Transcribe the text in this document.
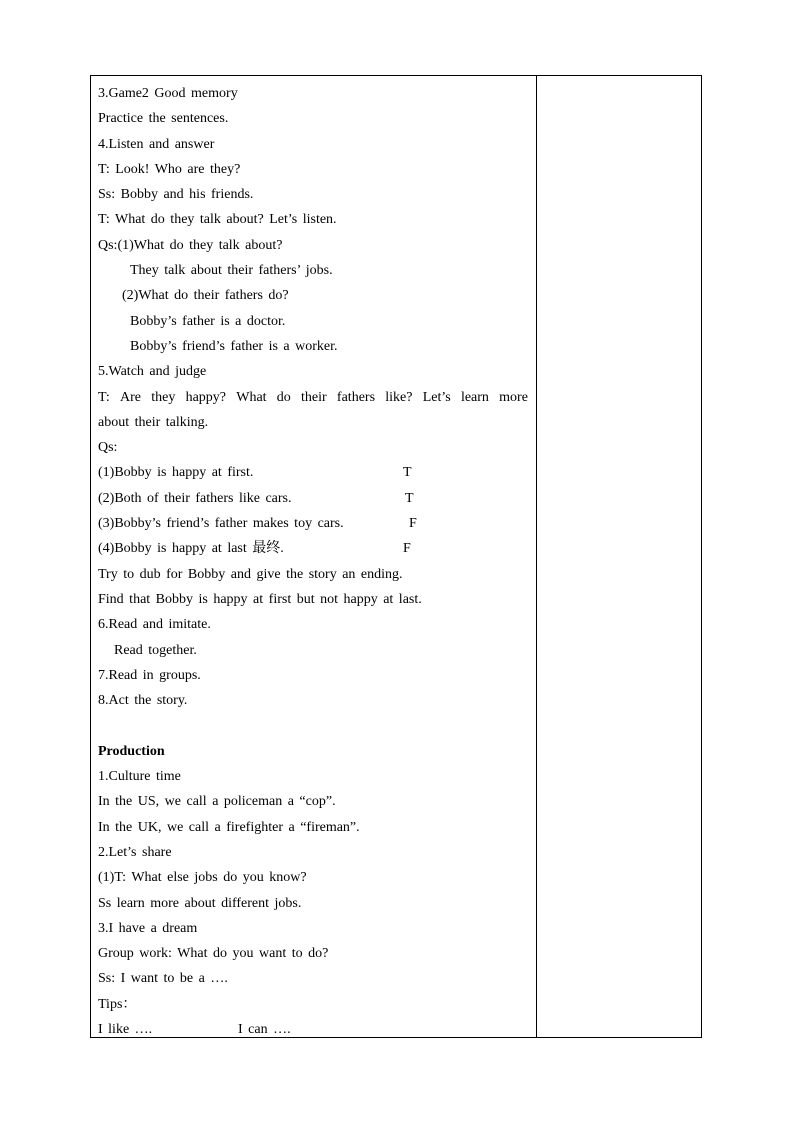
3.Game2 Good memory
Practice the sentences.
4.Listen and answer
T: Look! Who are they?
Ss: Bobby and his friends.
T: What do they talk about? Let’s listen.
Qs:(1)What do they talk about?
They talk about their fathers’ jobs.
(2)What do their fathers do?
Bobby’s father is a doctor.
Bobby’s friend’s father is a worker.
5.Watch and judge
T: Are they happy? What do their fathers like? Let’s learn more
about their talking.
Qs:
(1)Bobby is happy at first.	T
(2)Both of their fathers like cars.	T
(3)Bobby’s friend’s father makes toy cars.	F
(4)Bobby is happy at last 最终.	F
Try to dub for Bobby and give the story an ending.
Find that Bobby is happy at first but not happy at last.
6.Read and imitate.
Read together.
7.Read in groups.
8.Act the story.
Production
1.Culture time
In the US, we call a policeman a “cop”.
In the UK, we call a firefighter a “fireman”.
2.Let’s share
(1)T: What else jobs do you know?
Ss learn more about different jobs.
3.I have a dream
Group work: What do you want to do?
Ss: I want to be a ….
Tips：
I like ….	I can ….
